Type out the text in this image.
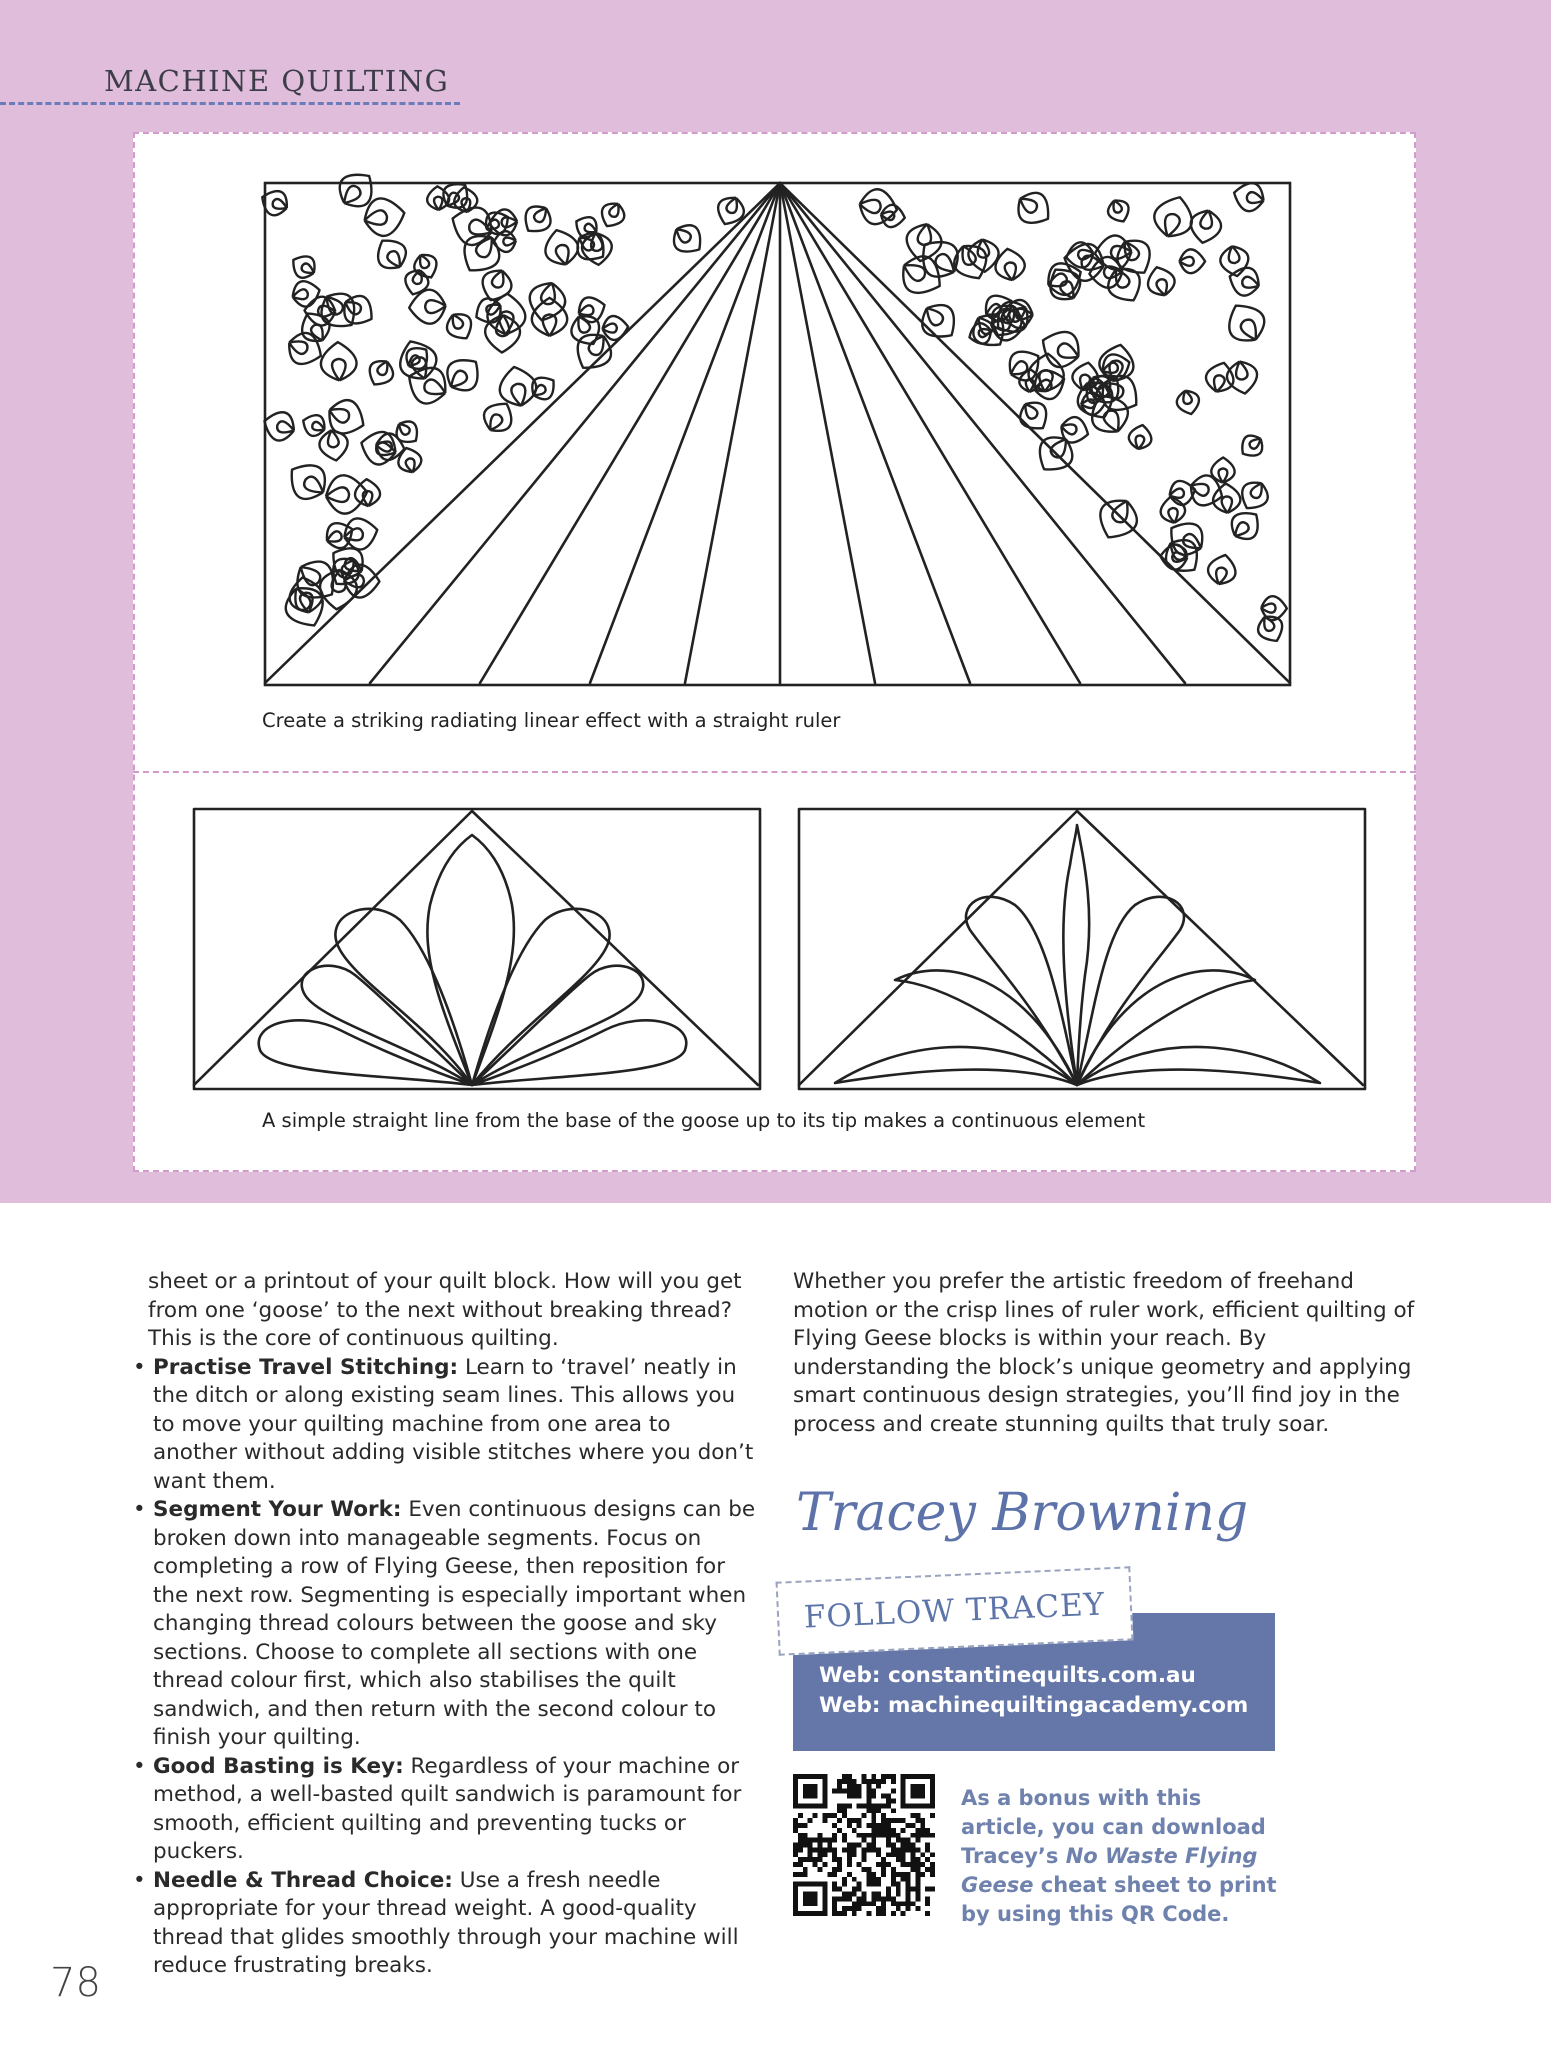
MACHINE QUILTING
Create a striking radiating linear effect with a straight ruler
A simple straight line from the base of the goose up to its tip makes a continuous element

sheet or a printout of your quilt block. How will you get from one ‘goose’ to the next without breaking thread? This is the core of continuous quilting.

• Practise Travel Stitching: Learn to ‘travel’ neatly in the ditch or along existing seam lines. This allows you to move your quilting machine from one area to another without adding visible stitches where you don’t want them.
• Segment Your Work: Even continuous designs can be broken down into manageable segments. Focus on completing a row of Flying Geese, then reposition for the next row. Segmenting is especially important when changing thread colours between the goose and sky sections. Choose to complete all sections with one thread colour first, which also stabilises the quilt sandwich, and then return with the second colour to finish your quilting.
• Good Basting is Key: Regardless of your machine or method, a well-basted quilt sandwich is paramount for smooth, efficient quilting and preventing tucks or puckers.
• Needle & Thread Choice: Use a fresh needle appropriate for your thread weight. A good-quality thread that glides smoothly through your machine will reduce frustrating breaks.

Whether you prefer the artistic freedom of freehand motion or the crisp lines of ruler work, efficient quilting of Flying Geese blocks is within your reach. By understanding the block’s unique geometry and applying smart continuous design strategies, you’ll find joy in the process and create stunning quilts that truly soar.

Tracey Browning
FOLLOW TRACEY
Web: constantinequilts.com.au
Web: machinequiltingacademy.com
As a bonus with this article, you can download Tracey’s No Waste Flying Geese cheat sheet to print by using this QR Code.
78
